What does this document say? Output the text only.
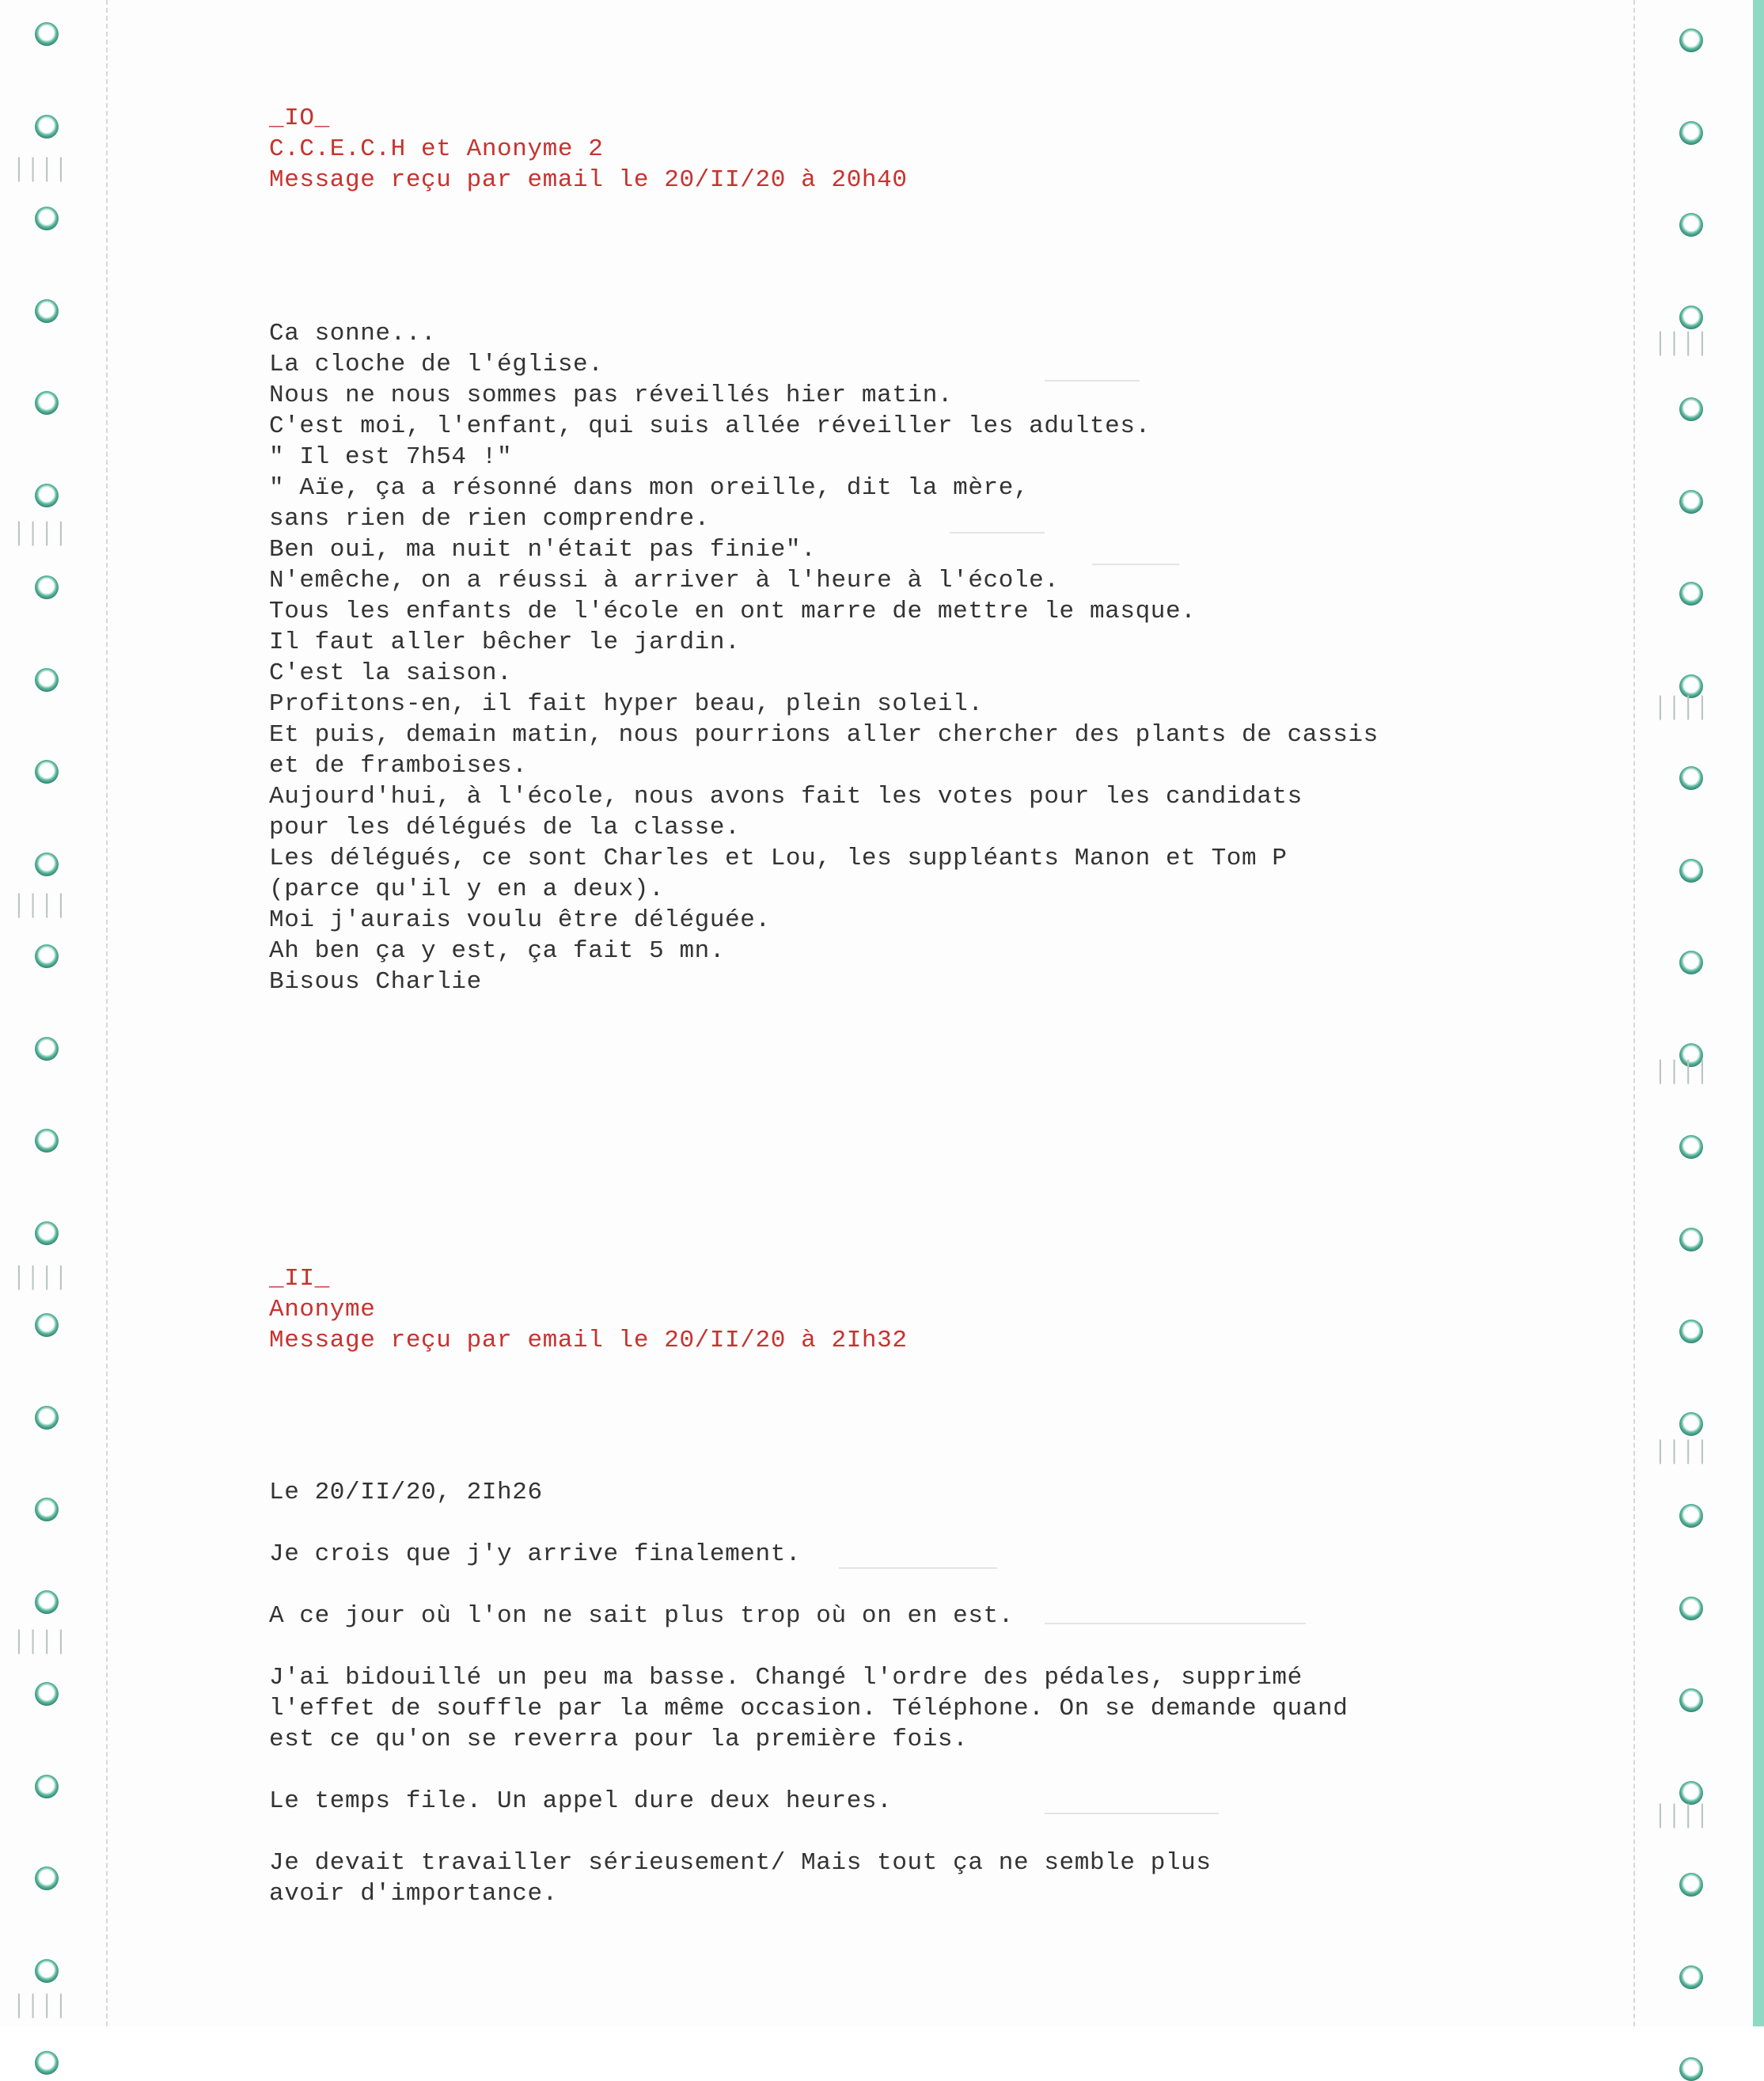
││││
││││
││││
││││
││││
││││
││││
││││
││││
││││
││││
_IO_
C.C.E.C.H et Anonyme 2
Message reçu par email le 20/II/20 à 20h40
Ca sonne...
La cloche de l'église.
Nous ne nous sommes pas réveillés hier matin.
C'est moi, l'enfant, qui suis allée réveiller les adultes.
" Il est 7h54 !"
" Aïe, ça a résonné dans mon oreille, dit la mère,
sans rien de rien comprendre.
Ben oui, ma nuit n'était pas finie".
N'emêche, on a réussi à arriver à l'heure à l'école.
Tous les enfants de l'école en ont marre de mettre le masque.
Il faut aller bêcher le jardin.
C'est la saison.
Profitons-en, il fait hyper beau, plein soleil.
Et puis, demain matin, nous pourrions aller chercher des plants de cassis
et de framboises.
Aujourd'hui, à l'école, nous avons fait les votes pour les candidats
pour les délégués de la classe.
Les délégués, ce sont Charles et Lou, les suppléants Manon et Tom P
(parce qu'il y en a deux).
Moi j'aurais voulu être déléguée.
Ah ben ça y est, ça fait 5 mn.
Bisous Charlie
_II_
Anonyme
Message reçu par email le 20/II/20 à 2Ih32
Le 20/II/20, 2Ih26
Je crois que j'y arrive finalement.
A ce jour où l'on ne sait plus trop où on en est.
J'ai bidouillé un peu ma basse. Changé l'ordre des pédales, supprimé
l'effet de souffle par la même occasion. Téléphone. On se demande quand
est ce qu'on se reverra pour la première fois.
Le temps file. Un appel dure deux heures.
Je devait travailler sérieusement/ Mais tout ça ne semble plus
avoir d'importance.
